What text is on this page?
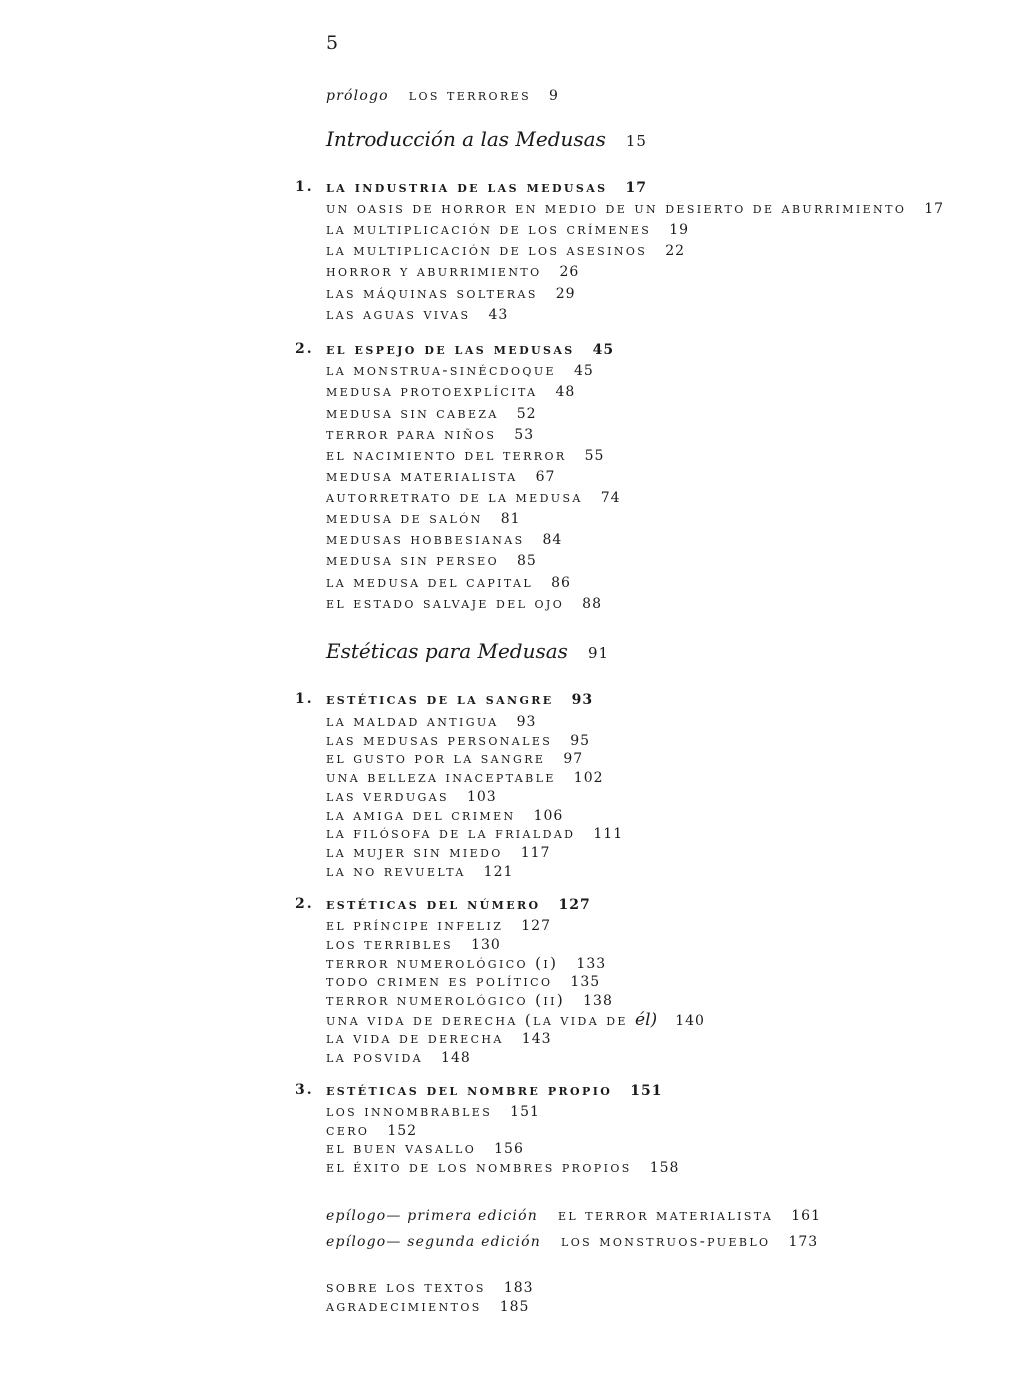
5
prólogo los terrores 9
Introducción a las Medusas 15
1. la industria de las medusas 17
un oasis de horror en medio de un desierto de aburrimiento 17
la multiplicación de los crímenes 19
la multiplicación de los asesinos 22
horror y aburrimiento 26
las máquinas solteras 29
las aguas vivas 43
2. el espejo de las medusas 45
la monstrua-sinécdoque 45
medusa protoexplícita 48
medusa sin cabeza 52
terror para niños 53
el nacimiento del terror 55
medusa materialista 67
autorretrato de la medusa 74
medusa de salón 81
medusas hobbesianas 84
medusa sin perseo 85
la medusa del capital 86
el estado salvaje del ojo 88
Estéticas para Medusas 91
1. estéticas de la sangre 93
la maldad antigua 93
las medusas personales 95
el gusto por la sangre 97
una belleza inaceptable 102
las verdugas 103
la amiga del crimen 106
la filósofa de la frialdad 111
la mujer sin miedo 117
la no revuelta 121
2. estéticas del número 127
el príncipe infeliz 127
los terribles 130
terror numerológico (i) 133
todo crimen es político 135
terror numerológico (ii) 138
una vida de derecha (la vida de él) 140
la vida de derecha 143
la posvida 148
3. estéticas del nombre propio 151
los innombrables 151
cero 152
el buen vasallo 156
el éxito de los nombres propios 158
epílogo— primera edición el terror materialista 161
epílogo— segunda edición los monstruos-pueblo 173
sobre los textos 183
agradecimientos 185
